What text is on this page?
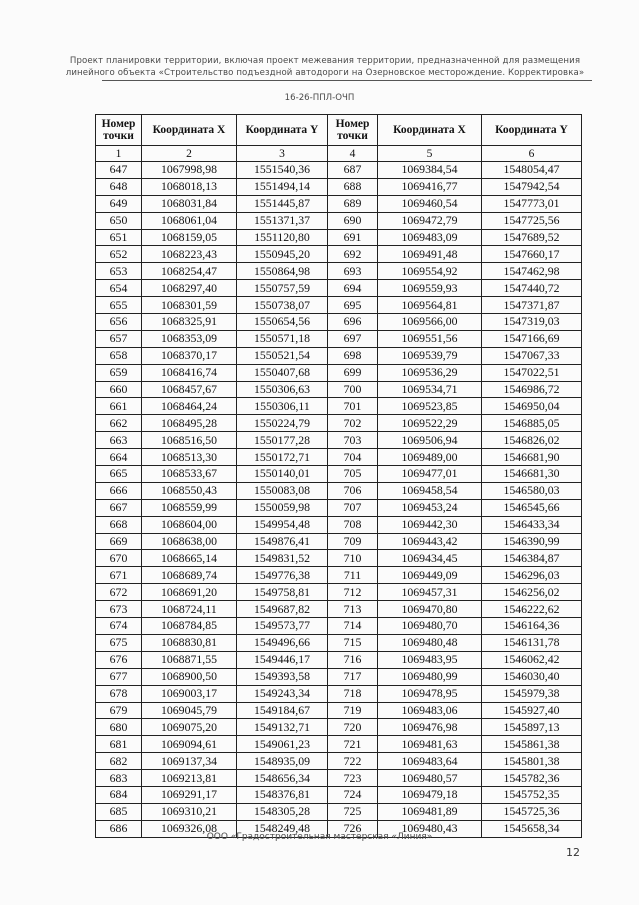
Проект планировки территории, включая проект межевания территории, предназначенной для размещения
линейного объекта «Строительство подъездной автодороги на Озерновское месторождение. Корректировка»
16-26-ППЛ-ОЧП
Номер точки	Координата X	Координата Y	Номер точки	Координата X	Координата Y
1	2	3	4	5	6
647	1067998,98	1551540,36	687	1069384,54	1548054,47
648	1068018,13	1551494,14	688	1069416,77	1547942,54
649	1068031,84	1551445,87	689	1069460,54	1547773,01
650	1068061,04	1551371,37	690	1069472,79	1547725,56
651	1068159,05	1551120,80	691	1069483,09	1547689,52
652	1068223,43	1550945,20	692	1069491,48	1547660,17
653	1068254,47	1550864,98	693	1069554,92	1547462,98
654	1068297,40	1550757,59	694	1069559,93	1547440,72
655	1068301,59	1550738,07	695	1069564,81	1547371,87
656	1068325,91	1550654,56	696	1069566,00	1547319,03
657	1068353,09	1550571,18	697	1069551,56	1547166,69
658	1068370,17	1550521,54	698	1069539,79	1547067,33
659	1068416,74	1550407,68	699	1069536,29	1547022,51
660	1068457,67	1550306,63	700	1069534,71	1546986,72
661	1068464,24	1550306,11	701	1069523,85	1546950,04
662	1068495,28	1550224,79	702	1069522,29	1546885,05
663	1068516,50	1550177,28	703	1069506,94	1546826,02
664	1068513,30	1550172,71	704	1069489,00	1546681,90
665	1068533,67	1550140,01	705	1069477,01	1546681,30
666	1068550,43	1550083,08	706	1069458,54	1546580,03
667	1068559,99	1550059,98	707	1069453,24	1546545,66
668	1068604,00	1549954,48	708	1069442,30	1546433,34
669	1068638,00	1549876,41	709	1069443,42	1546390,99
670	1068665,14	1549831,52	710	1069434,45	1546384,87
671	1068689,74	1549776,38	711	1069449,09	1546296,03
672	1068691,20	1549758,81	712	1069457,31	1546256,02
673	1068724,11	1549687,82	713	1069470,80	1546222,62
674	1068784,85	1549573,77	714	1069480,70	1546164,36
675	1068830,81	1549496,66	715	1069480,48	1546131,78
676	1068871,55	1549446,17	716	1069483,95	1546062,42
677	1068900,50	1549393,58	717	1069480,99	1546030,40
678	1069003,17	1549243,34	718	1069478,95	1545979,38
679	1069045,79	1549184,67	719	1069483,06	1545927,40
680	1069075,20	1549132,71	720	1069476,98	1545897,13
681	1069094,61	1549061,23	721	1069481,63	1545861,38
682	1069137,34	1548935,09	722	1069483,64	1545801,38
683	1069213,81	1548656,34	723	1069480,57	1545782,36
684	1069291,17	1548376,81	724	1069479,18	1545752,35
685	1069310,21	1548305,28	725	1069481,89	1545725,36
686	1069326,08	1548249,48	726	1069480,43	1545658,34
ООО «Градостроительная мастерская «Линия»
12
